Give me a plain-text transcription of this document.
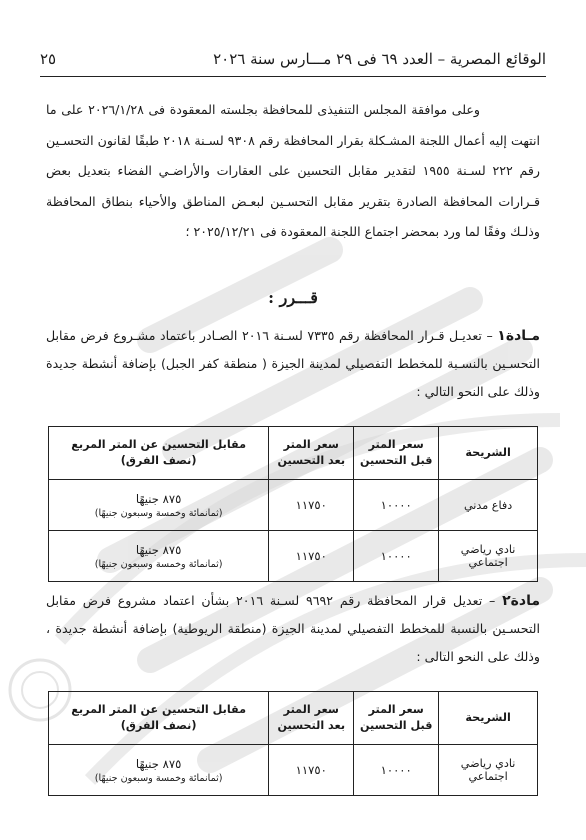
الوقائع المصرية – العدد ٦٩ فى ٢٩ مـــارس سنة ٢٠٢٦
٢٥
وعلى موافقة المجلس التنفيذى للمحافظة بجلسته المعقودة فى ٢٠٢٦/١/٢٨ على ما انتهت إليه أعمال اللجنة المشـكلة بقرار المحافظة رقم ٩٣٠٨ لسـنة ٢٠١٨ طبقًا لقانون التحسـين رقم ٢٢٢ لسـنة ١٩٥٥ لتقدير مقابل التحسين على العقارات والأراضـي الفضاء بتعديل بعض قـرارات المحافظة الصادرة بتقرير مقابل التحسـين لبعـض المناطق والأحياء بنطاق المحافظة وذلـك وفقًا لما ورد بمحضر اجتماع اللجنة المعقودة فى ٢٠٢٥/١٢/٢١ ؛
قـــرر :
مـادة١ – تعديـل قـرار المحافظة رقم ٧٣٣٥ لسـنة ٢٠١٦ الصـادر باعتماد مشـروع فرض مقابل التحسـين بالنسـبة للمخطط التفصيلي لمدينة الجيزة ( منطقة كفر الجبل) بإضافة أنشطة جديدة وذلك على النحو التالي :
الشريحة	سعر المتر قبل التحسين	سعر المتر بعد التحسين	مقابل التحسين عن المتر المربع (نصف الفرق)
دفاع مدني	١٠٠٠٠	١١٧٥٠	٨٧٥ جنيهًا
(ثمانمائة وخمسة وسبعون جنيهًا)

نادي رياضي اجتماعي	١٠٠٠٠	١١٧٥٠	٨٧٥ جنيهًا
(ثمانمائة وخمسة وسبعون جنيهًا)
مادة٢ – تعديل قرار المحافظة رقم ٩٦٩٢ لسـنة ٢٠١٦ بشأن اعتماد مشروع فرض مقابل التحسـين بالنسبة للمخطط التفصيلي لمدينة الجيزة (منطقة الريوطية) بإضافة أنشطة جديدة ، وذلك على النحو التالى :
الشريحة	سعر المتر قبل التحسين	سعر المتر بعد التحسين	مقابل التحسين عن المتر المربع (نصف الفرق)
نادي رياضي اجتماعي	١٠٠٠٠	١١٧٥٠	٨٧٥ جنيهًا
(ثمانمائة وخمسة وسبعون جنيهًا)
